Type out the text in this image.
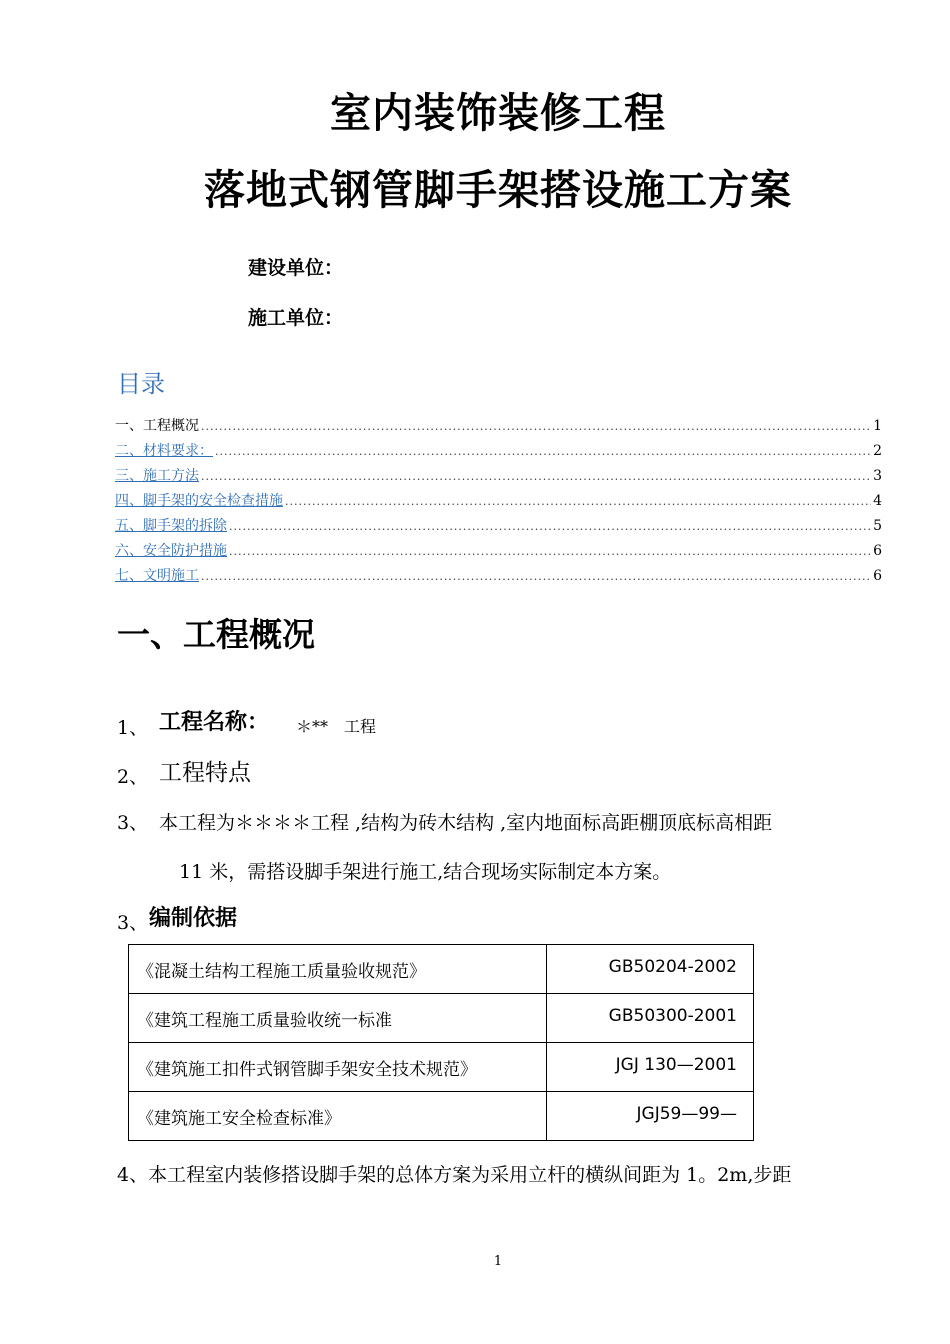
室内装饰装修工程
落地式钢管脚手架搭设施工方案
建设单位：
施工单位：
目录
一、工程概况 .....	1
二、材料要求： .....	2
三、施工方法 .....	3
四、脚手架的安全检查措施 .....	4
五、脚手架的拆除 .....	5
六、安全防护措施 .....	6
七、文明施工 .....	6
一、工程概况
1、 工程名称： ＊**　工程
2、 工程特点
3、 本工程为＊＊＊＊工程 ,结构为砖木结构 ,室内地面标高距棚顶底标高相距
11 米，需搭设脚手架进行施工,结合现场实际制定本方案。
3、 编制依据
《混凝土结构工程施工质量验收规范》	GB50204-2002
《建筑工程施工质量验收统一标准	GB50300-2001
《建筑施工扣件式钢管脚手架安全技术规范》	JGJ 130—2001
《建筑施工安全检查标准》	JGJ59—99—
4、本工程室内装修搭设脚手架的总体方案为采用立杆的横纵间距为 1。2m,步距
1
